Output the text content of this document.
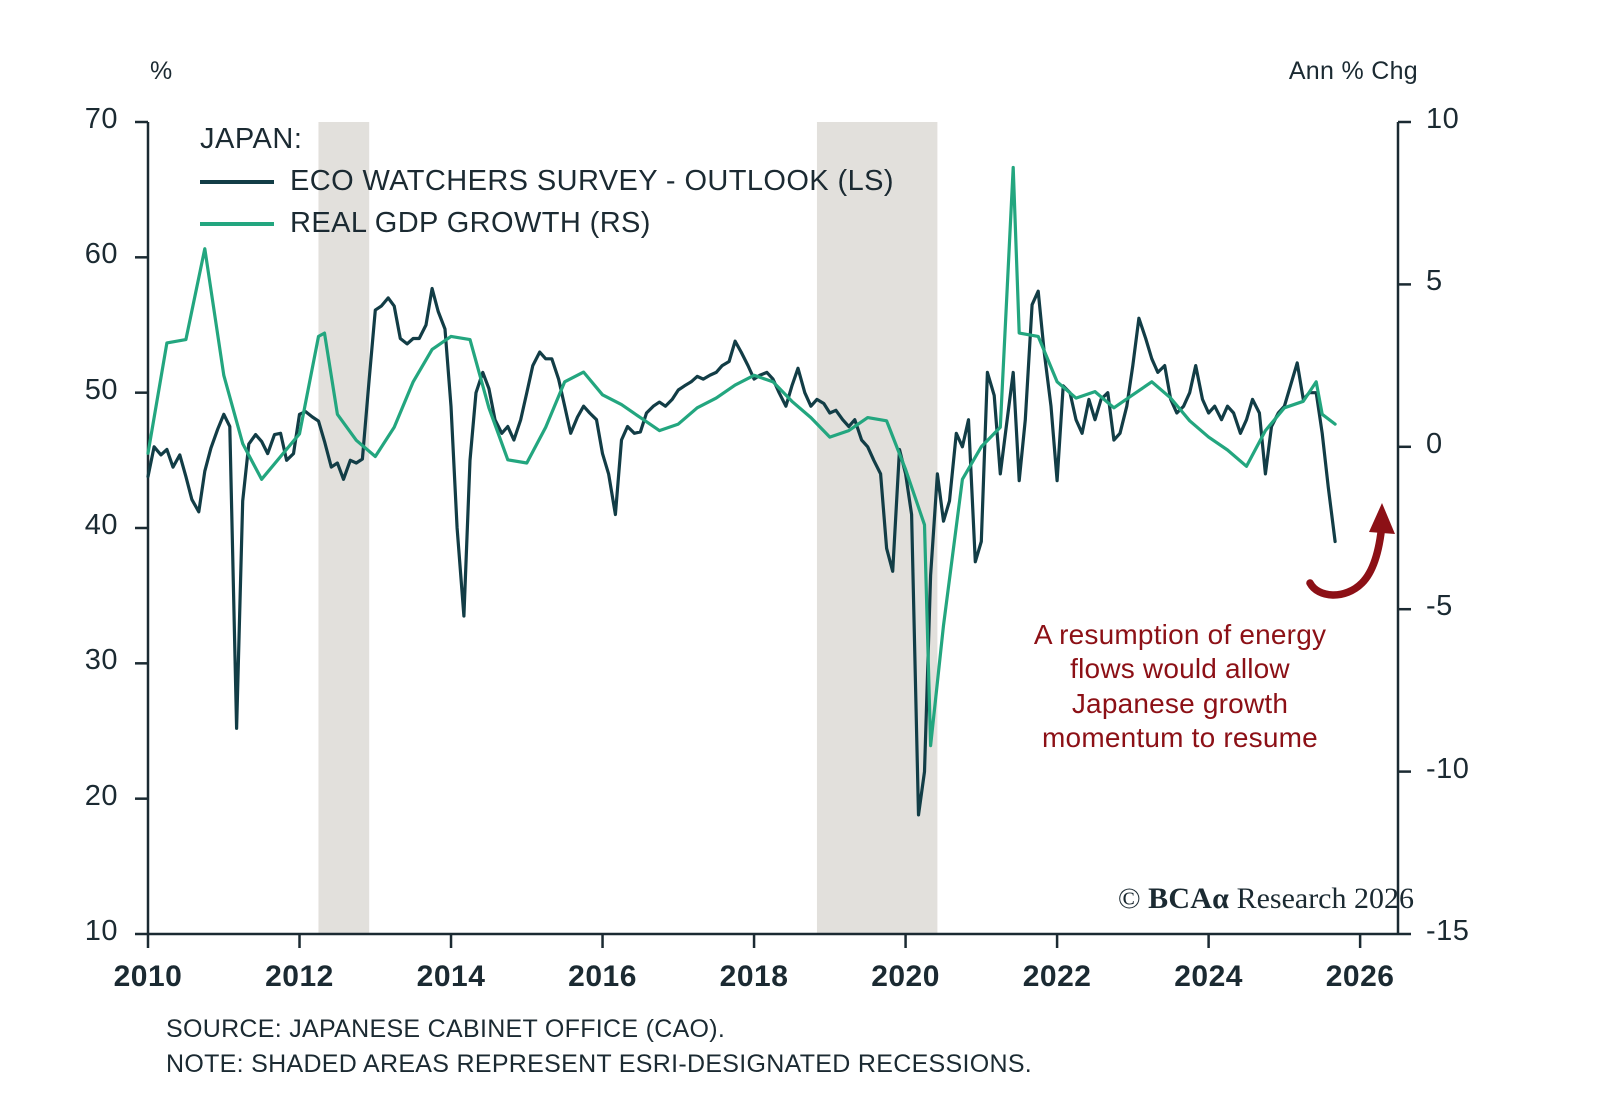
%	Ann % Chg
JAPAN:
ECO WATCHERS SURVEY - OUTLOOK (LS)
REAL GDP GROWTH (RS)
A resumption of energy flows would allow Japanese growth momentum to resume
© BCAα Research 2026
SOURCE: JAPANESE CABINET OFFICE (CAO).
NOTE: SHADED AREAS REPRESENT ESRI-DESIGNATED RECESSIONS.
70
60
50
40
30
20
10
10
5
0
-5
-10
-15
2010	2012	2014	2016	2018	2020	2022	2024	2026
